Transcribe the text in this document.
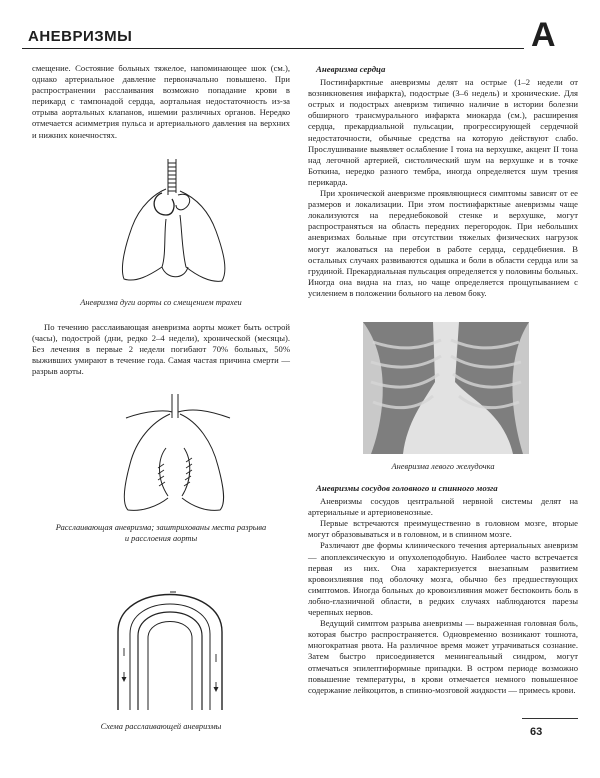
АНЕВРИЗМЫ	А

смещение. Состояние больных тяжелое, напоминающее шок (см.), однако артериальное давление первоначально повышено. При распространении расслаивания возможно попадание крови в перикард с тампонадой сердца, аортальная недостаточность из-за отрыва аортальных клапанов, ишемии различных органов. Нередко отмечается асимметрия пульса и артериального давления на верхних и нижних конечностях.

Аневризма дуги аорты со смещением трахеи

По течению расслаивающая аневризма аорты может быть острой (часы), подострой (дни, редко 2–4 недели), хронической (месяцы). Без лечения в первые 2 недели погибают 70% больных, 50% выживших умирают в течение года. Самая частая причина смерти — разрыв аорты.

Расслаивающая аневризма; заштрихованы места разрыва
и расслоения аорты
Схема расслаивающей аневризмы
Аневризма сердца

Постинфарктные аневризмы делят на острые (1–2 недели от возникновения инфаркта), подострые (3–6 недель) и хронические. Для острых и подострых аневризм типично наличие в истории болезни обширного трансмурального инфаркта миокарда (см.), расширения сердца, прекардиальной пульсации, прогрессирующей сердечной недостаточности, обычные средства на которую действуют слабо. Прослушивание выявляет ослабление I тона на верхушке, акцент II тона над легочной артерией, систолический шум на верхушке и в точке Боткина, нередко разного тембра, иногда определяется шум трения перикарда.

При хронической аневризме проявляющиеся симптомы зависят от ее размеров и локализации. При этом постинфарктные аневризмы чаще локализуются на переднебоковой стенке и верхушке, могут распространяться на область передних перегородок. При небольших аневризмах больные при отсутствии тяжелых физических нагрузок могут жаловаться на перебои в работе сердца, сердцебиения. В остальных случаях развиваются одышка и боли в области сердца или за грудиной. Прекардиальная пульсация определяется у половины больных. Иногда она видна на глаз, но чаще определяется прощупыванием с усилением в положении больного на левом боку.

Аневризма левого желудочка
Аневризмы сосудов головного и спинного мозга

Аневризмы сосудов центральной нервной системы делят на артериальные и артериовенозные.

Первые встречаются преимущественно в головном мозге, вторые могут образовываться и в головном, и в спинном мозге.

Различают две формы клинического течения артериальных аневризм — апоплексическую и опухолеподобную. Наиболее часто встречается первая из них. Она характеризуется внезапным развитием кровоизлияния под оболочку мозга, обычно без предшествующих симптомов. Иногда больных до кровоизлияния может беспокоить боль в лобно-глазничной области, в редких случаях наблюдаются парезы черепных нервов.

Ведущий симптом разрыва аневризмы — выраженная головная боль, которая быстро распространяется. Одновременно возникают тошнота, многократная рвота. На различное время может утрачиваться сознание. Затем быстро присоединяется менингеальный синдром, могут отмечаться эпилептиформные припадки. В остром периоде возможно повышение температуры, в крови отмечается немного повышенное содержание лейкоцитов, в спинно-мозговой жидкости — примесь крови.

63
